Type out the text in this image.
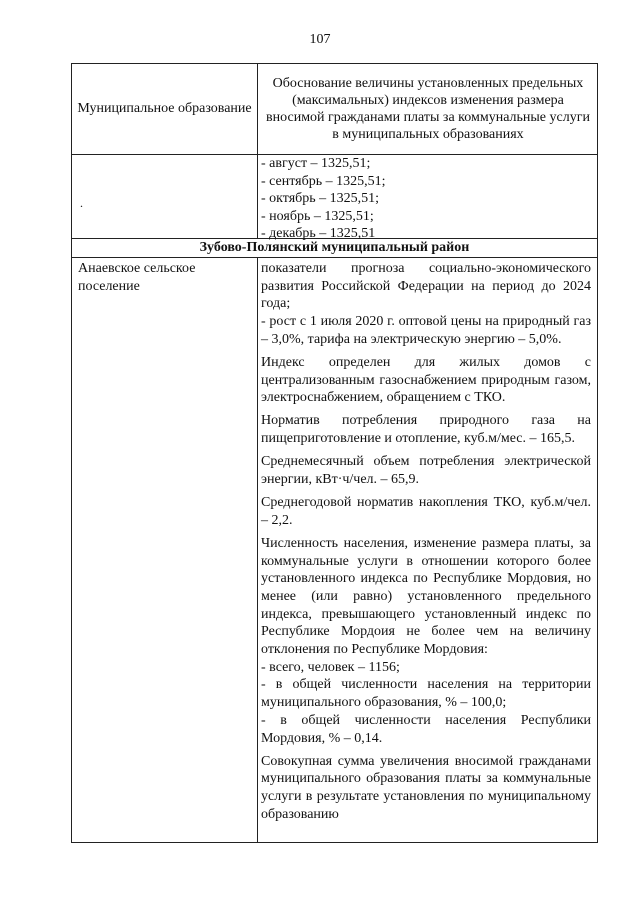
107
Муниципальное образование
Обоснование величины установленных предельных (максимальных) индексов изменения размера вносимой гражданами платы за коммунальные услуги в муниципальных образованиях
- август – 1325,51;
- сентябрь – 1325,51;
- октябрь – 1325,51;
- ноябрь – 1325,51;
- декабрь – 1325,51
.
Зубово-Полянский муниципальный район
Анаевское сельское поселение

показатели прогноза социально-экономического развития Российской Федерации на период до 2024 года;

- рост с 1 июля 2020 г. оптовой цены на природный газ – 3,0%, тарифа на электрическую энергию – 5,0%.

Индекс определен для жилых домов с централизованным газоснабжением природным газом, электроснабжением, обращением с ТКО.

Норматив потребления природного газа на пищеприготовление и отопление, куб.м/мес. – 165,5.

Среднемесячный объем потребления электрической энергии, кВт·ч/чел. – 65,9.

Среднегодовой норматив накопления ТКО, куб.м/чел. – 2,2.

Численность населения, изменение размера платы, за коммунальные услуги в отношении которого более установленного индекса по Республике Мордовия, но менее (или равно) установленного предельного индекса, превышающего установленный индекс по Республике Мордоия не более чем на величину отклонения по Республике Мордовия:

- всего, человек – 1156;

- в общей численности населения на территории муниципального образования, % – 100,0;

- в общей численности населения Республики Мордовия, % – 0,14.

Совокупная сумма увеличения вносимой гражданами муниципального образования платы за коммунальные услуги в результате установления по муниципальному образованию
